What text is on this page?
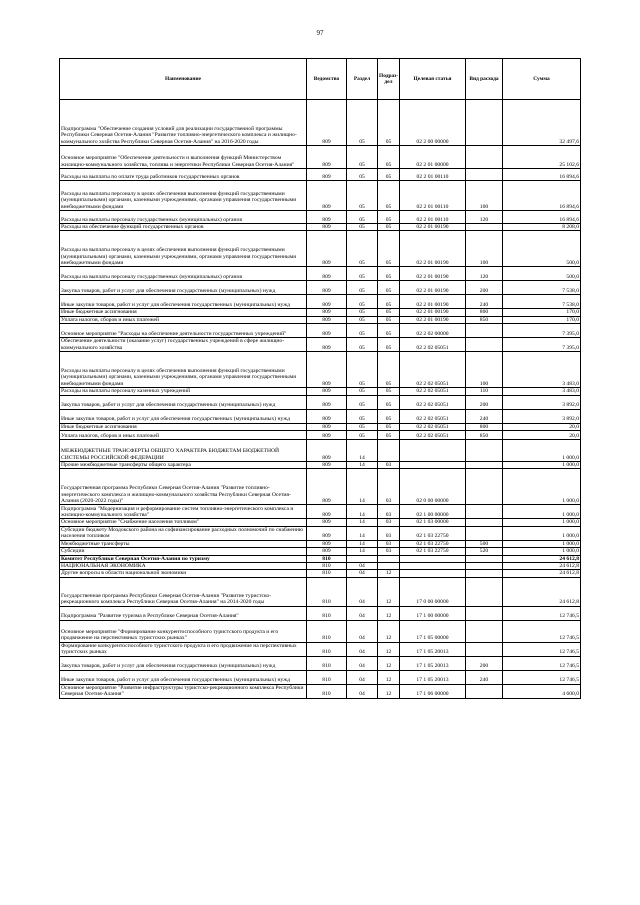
97
Наименование	Ведомство	Раздел	Подраз-дел	Целевая статья	Вид расхода	Сумма
Подпрограмма "Обеспечение создания условий для реализации государственной программы Республики Северная Осетия-Алания "Развитие топливно-энергетического комплекса и жилищно-коммунального хозйства Республики Северная Осетия-Алания" на 2016-2020 годы	809	05	05	02 2 00 00000		32 497,6
Основное мероприятие "Обеспечение деятельности и выполнения функций Министерством жилищно-коммунального хозяйства, топлива и энергетики Республики Северная Осетия-Алания"	809	05	05	02 2 01 00000		25 102,6
Расходы на выплаты по оплате труда работников государственных органов	809	05	05	02 2 01 00110		16 894,6
Расходы на выплаты персоналу в целях обеспечения выполнения функций государственными (муниципальными) органами, казенными учреждениями, органами управления государственными внебюджетными фондами	809	05	05	02 2 01 00110	100	16 894,6
Расходы на выплаты персоналу государственных (муниципальных) органов	809	05	05	02 2 01 00110	120	16 894,6
Расходы на обеспечение функций государственных органов	809	05	05	02 2 01 00190		8 208,0
Расходы на выплаты персоналу в целях обеспечения выполнения функций государственными (муниципальными) органами, казенными учреждениями, органами управления государственными внебюджетными фондами	809	05	05	02 2 01 00190	100	500,0
Расходы на выплаты персоналу государственных (муниципальных) органов	809	05	05	02 2 01 00190	120	500,0
Закупка товаров, работ и услуг для обеспечения государственных (муниципальных) нужд	809	05	05	02 2 01 00190	200	7 538,0
Иные закупки товаров, работ и услуг для обеспечения государственных (муниципальных) нужд	809	05	05	02 2 01 00190	240	7 538,0
Иные бюджетные ассигнования	809	05	05	02 2 01 00190	800	170,0
Уплата налогов, сборов и иных платежей	809	05	05	02 2 01 00190	850	170,0
Основное мероприятие "Расходы на обеспечение деятельности государственных учреждений"	809	05	05	02 2 02 00000		7 395,0
Обеспечение деятельности (оказание услуг) государственных учреждений в сфере жилищно-коммунального хозяйства	809	05	05	02 2 02 05051		7 395,0
Расходы на выплаты персоналу в целях обеспечения выполнения функций государственными (муниципальными) органами, казенными учреждениями, органами управления государственными внебюджетными фондами	809	05	05	02 2 02 05051	100	3 483,0
Расходы на выплаты персоналу казенных учреждений	809	05	05	02 2 02 05051	110	3 483,0
Закупка товаров, работ и услуг для обеспечения государственных (муниципальных) нужд	809	05	05	02 2 02 05051	200	3 892,0
Иные закупки товаров, работ и услуг для обеспечения государственных (муниципальных) нужд	809	05	05	02 2 02 05051	240	3 892,0
Иные бюджетные ассигнования	809	05	05	02 2 02 05051	800	20,0
Уплата налогов, сборов и иных платежей	809	05	05	02 2 02 05051	850	20,0
МЕЖБЮДЖЕТНЫЕ ТРАНСФЕРТЫ ОБЩЕГО ХАРАКТЕРА БЮДЖЕТАМ БЮДЖЕТНОЙ СИСТЕМЫ РОССИЙСКОЙ ФЕДЕРАЦИИ	809	14				1 000,0
Прочие межбюджетные трансферты общего характера	809	14	03			1 000,0
Государственная программа Республики Северная Осетия-Алания "Развитие топливно-энергетического комплекса и жилищно-коммунального хозяйства Республики Северная Осетия-Алания (2020-2022 годы)"	809	14	03	02 0 00 00000		1 000,0
Подпрограмма "Модернизация и реформирование систем топливно-энергетического комплекса и жилищно-коммунального хозяйства"	809	14	03	02 1 00 00000		1 000,0
Основное мероприятие "Снабжение населения топливом"	809	14	03	02 1 03 00000		1 000,0
Субсидии бюджету Моздокского района на софинансирование расходных полномочий по снабжению населения топливом	809	14	03	02 1 03 22750		1 000,0
Межбюджетные трансферты	809	14	03	02 1 03 22750	500	1 000,0
Субсидии	809	14	03	02 1 03 22750	520	1 000,0
Комитет Республики Северная Осетия-Алания по туризму	810					24 612,8
НАЦИОНАЛЬНАЯ ЭКОНОМИКА	810	04				24 612,8
Другие вопросы в области национальной экономики	810	04	12			24 612,8
Государственная программа Республики Северная Осетия-Алания "Развитие туристско-рекреационного комплекса Республики Северная Осетия-Алания" на 2014-2020 годы	810	04	12	17 0 00 00000		24 612,8
Подпрограмма "Развитие туризма в Республике Северная Осетия-Алания"	810	04	12	17 1 00 00000		12 746,5
Основное мероприятие "Формирование конкурентоспособного туристского продукта и его продвижение на перспективных туристских рынках"	810	04	12	17 1 05 00000		12 746,5
Формирование конкурентоспособного туристского продукта и его продвижение на перспективных туристских рынках	810	04	12	17 1 05 20013		12 746,5
Закупка товаров, работ и услуг для обеспечения государственных (муниципальных) нужд	810	04	12	17 1 05 20013	200	12 746,5
Иные закупки товаров, работ и услуг для обеспечения государственных (муниципальных) нужд	810	04	12	17 1 05 20013	240	12 746,5
Основное мероприятие "Развитие инфраструктуры туристско-рекреационного комплекса Республики Северная Осетия-Алания"	810	04	12	17 1 06 00000		4 600,0
